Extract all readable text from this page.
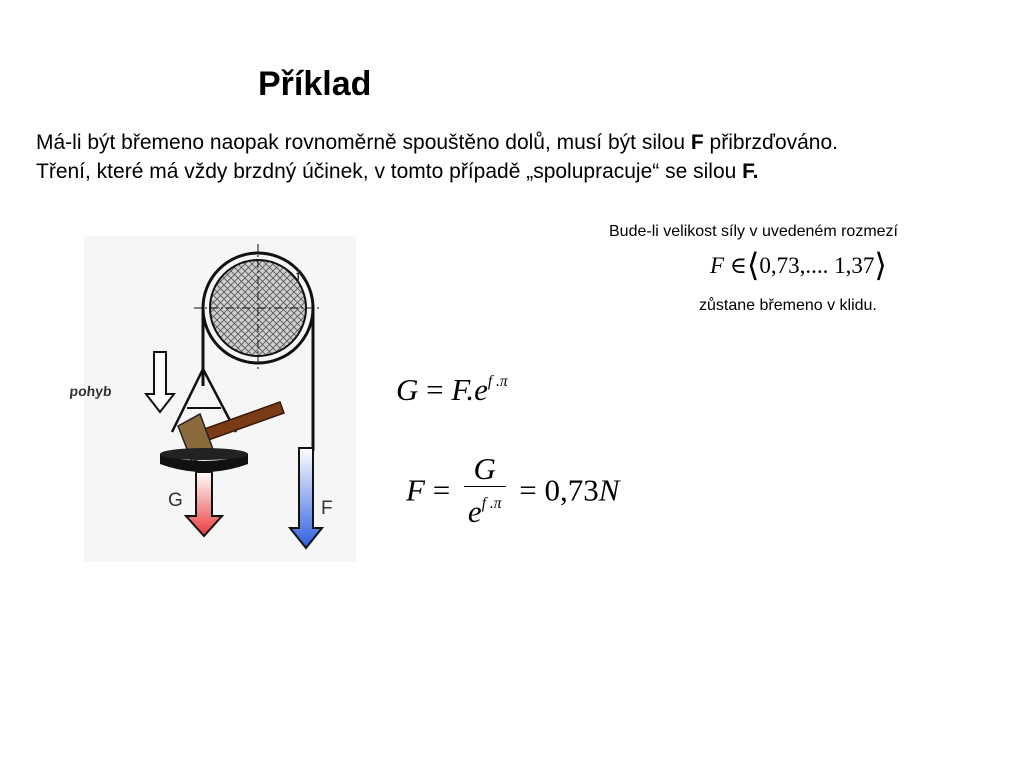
Příklad
Má-li být břemeno naopak rovnoměrně spouštěno dolů, musí být silou F přibrzďováno.
Tření, které má vždy brzdný účinek, v tomto případě „spolupracuje“ se silou F.
Bude-li velikost síly v uvedeném rozmezí
F ∈⟨0,73,.... 1,37⟩
zůstane břemeno v klidu.
$G = F.e^{f .\pi}$
$F = \frac{G}{e^{f .\pi}} = 0,73N$
pohyb
f
G	F
